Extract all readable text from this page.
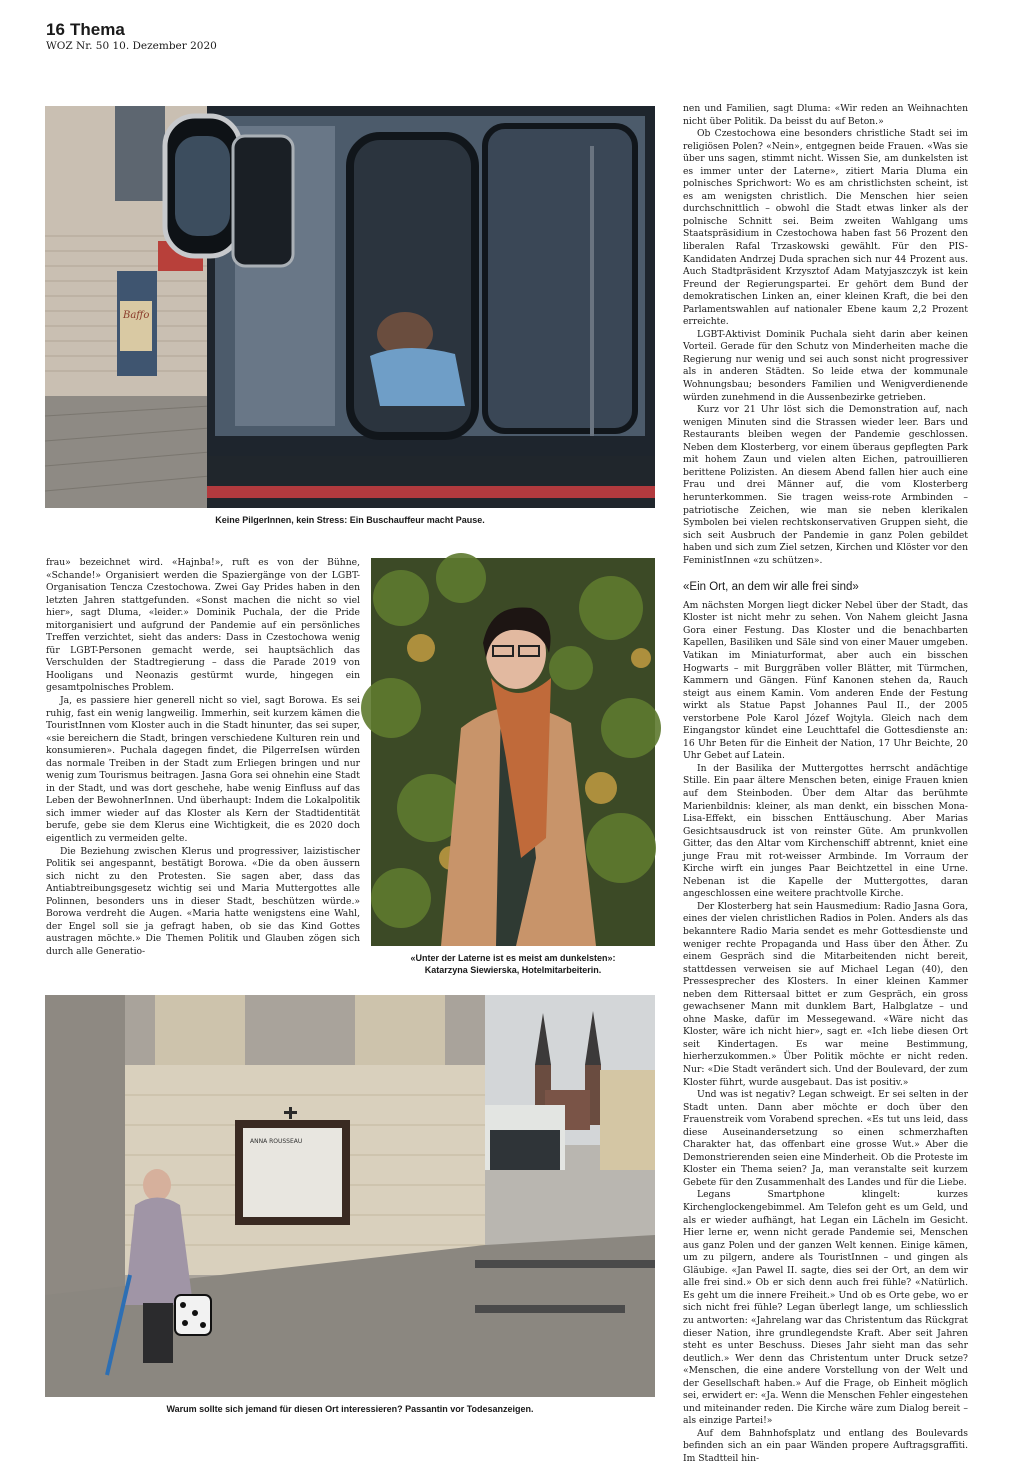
16 Thema
WOZ Nr. 50 10. Dezember 2020
Baffo
Keine PilgerInnen, kein Stress: Ein Buschauffeur macht Pause.
«Unter der Laterne ist es meist am dunkelsten»:
Katarzyna Siewierska, Hotelmitarbeiterin.
ANNA ROUSSEAU
Warum sollte sich jemand für diesen Ort interessieren? Passantin vor Todesanzeigen.

frau» bezeichnet wird. «Hajnba!», ruft es von der Bühne, «Schande!» Organisiert werden die Spaziergänge von der LGBT-Organisation Tencza Czestochowa. Zwei Gay Prides haben in den letzten Jahren stattgefunden. «Sonst machen die nicht so viel hier», sagt Dluma, «leider.» Dominik Puchala, der die Pride mitorganisiert und aufgrund der Pandemie auf ein persönliches Treffen verzichtet, sieht das anders: Dass in Czestochowa wenig für LGBT-Personen gemacht werde, sei hauptsächlich das Verschulden der Stadtregierung – dass die Parade 2019 von Hooligans und Neonazis gestürmt wurde, hingegen ein gesamtpolnisches Problem.

Ja, es passiere hier generell nicht so viel, sagt Borowa. Es sei ruhig, fast ein wenig langweilig. Immerhin, seit kurzem kämen die TouristInnen vom Kloster auch in die Stadt hinunter, das sei super, «sie bereichern die Stadt, bringen verschiedene Kulturen rein und konsumieren». Puchala dagegen findet, die PilgerreIsen würden das normale Treiben in der Stadt zum Erliegen bringen und nur wenig zum Tourismus beitragen. Jasna Gora sei ohnehin eine Stadt in der Stadt, und was dort geschehe, habe wenig Einfluss auf das Leben der BewohnerInnen. Und überhaupt: Indem die Lokalpolitik sich immer wieder auf das Kloster als Kern der Stadtidentität berufe, gebe sie dem Klerus eine Wichtigkeit, die es 2020 doch eigentlich zu vermeiden gelte.

Die Beziehung zwischen Klerus und progressiver, laizistischer Politik sei angespannt, bestätigt Borowa. «Die da oben äussern sich nicht zu den Protesten. Sie sagen aber, dass das Antiabtreibungsgesetz wichtig sei und Maria Muttergottes alle Polinnen, besonders uns in dieser Stadt, beschützen würde.» Borowa verdreht die Augen. «Maria hatte wenigstens eine Wahl, der Engel soll sie ja gefragt haben, ob sie das Kind Gottes austragen möchte.» Die Themen Politik und Glauben zögen sich durch alle Generatio-

nen und Familien, sagt Dluma: «Wir reden an Weihnachten nicht über Politik. Da beisst du auf Beton.»

Ob Czestochowa eine besonders christliche Stadt sei im religiösen Polen? «Nein», entgegnen beide Frauen. «Was sie über uns sagen, stimmt nicht. Wissen Sie, am dunkelsten ist es immer unter der Laterne», zitiert Maria Dluma ein polnisches Sprichwort: Wo es am christlichsten scheint, ist es am wenigsten christlich. Die Menschen hier seien durchschnittlich – obwohl die Stadt etwas linker als der polnische Schnitt sei. Beim zweiten Wahlgang ums Staatspräsidium in Czestochowa haben fast 56 Prozent den liberalen Rafal Trzaskowski gewählt. Für den PIS-Kandidaten Andrzej Duda sprachen sich nur 44 Prozent aus. Auch Stadtpräsident Krzysztof Adam Matyjaszczyk ist kein Freund der Regierungspartei. Er gehört dem Bund der demokratischen Linken an, einer kleinen Kraft, die bei den Parlamentswahlen auf nationaler Ebene kaum 2,2 Prozent erreichte.

LGBT-Aktivist Dominik Puchala sieht darin aber keinen Vorteil. Gerade für den Schutz von Minderheiten mache die Regierung nur wenig und sei auch sonst nicht progressiver als in anderen Städten. So leide etwa der kommunale Wohnungsbau; besonders Familien und Wenigverdienende würden zunehmend in die Aussenbezirke getrieben.

Kurz vor 21 Uhr löst sich die Demonstration auf, nach wenigen Minuten sind die Strassen wieder leer. Bars und Restaurants bleiben wegen der Pandemie geschlossen. Neben dem Klosterberg, vor einem überaus gepflegten Park mit hohem Zaun und vielen alten Eichen, patrouillieren berittene Polizisten. An diesem Abend fallen hier auch eine Frau und drei Männer auf, die vom Klosterberg herunterkommen. Sie tragen weiss-rote Armbinden – patriotische Zeichen, wie man sie neben klerikalen Symbolen bei vielen rechtskonservativen Gruppen sieht, die sich seit Ausbruch der Pandemie in ganz Polen gebildet haben und sich zum Ziel setzen, Kirchen und Klöster vor den FeministInnen «zu schützen».

«Ein Ort, an dem wir alle frei sind»

Am nächsten Morgen liegt dicker Nebel über der Stadt, das Kloster ist nicht mehr zu sehen. Von Nahem gleicht Jasna Gora einer Festung. Das Kloster und die benachbarten Kapellen, Basiliken und Säle sind von einer Mauer umgeben. Vatikan im Miniaturformat, aber auch ein bisschen Hogwarts – mit Burggräben voller Blätter, mit Türmchen, Kammern und Gängen. Fünf Kanonen stehen da, Rauch steigt aus einem Kamin. Vom anderen Ende der Festung wirkt als Statue Papst Johannes Paul II., der 2005 verstorbene Pole Karol Józef Wojtyla. Gleich nach dem Eingangstor kündet eine Leuchttafel die Gottesdienste an: 16 Uhr Beten für die Einheit der Nation, 17 Uhr Beichte, 20 Uhr Gebet auf Latein.

In der Basilika der Muttergottes herrscht andächtige Stille. Ein paar ältere Menschen beten, einige Frauen knien auf dem Steinboden. Über dem Altar das berühmte Marienbildnis: kleiner, als man denkt, ein bisschen Mona-Lisa-Effekt, ein bisschen Enttäuschung. Aber Marias Gesichtsausdruck ist von reinster Güte. Am prunkvollen Gitter, das den Altar vom Kirchenschiff abtrennt, kniet eine junge Frau mit rot-weisser Armbinde. Im Vorraum der Kirche wirft ein junges Paar Beichtzettel in eine Urne. Nebenan ist die Kapelle der Muttergottes, daran angeschlossen eine weitere prachtvolle Kirche.

Der Klosterberg hat sein Hausmedium: Radio Jasna Gora, eines der vielen christlichen Radios in Polen. Anders als das bekanntere Radio Maria sendet es mehr Gottesdienste und weniger rechte Propaganda und Hass über den Äther. Zu einem Gespräch sind die Mitarbeitenden nicht bereit, stattdessen verweisen sie auf Michael Legan (40), den Pressesprecher des Klosters. In einer kleinen Kammer neben dem Rittersaal bittet er zum Gespräch, ein gross gewachsener Mann mit dunklem Bart, Halbglatze – und ohne Maske, dafür im Messegewand. «Wäre nicht das Kloster, wäre ich nicht hier», sagt er. «Ich liebe diesen Ort seit Kindertagen. Es war meine Bestimmung, hierherzukommen.» Über Politik möchte er nicht reden. Nur: «Die Stadt verändert sich. Und der Boulevard, der zum Kloster führt, wurde ausgebaut. Das ist positiv.»

Und was ist negativ? Legan schweigt. Er sei selten in der Stadt unten. Dann aber möchte er doch über den Frauenstreik vom Vorabend sprechen. «Es tut uns leid, dass diese Auseinandersetzung so einen schmerzhaften Charakter hat, das offenbart eine grosse Wut.» Aber die Demonstrierenden seien eine Minderheit. Ob die Proteste im Kloster ein Thema seien? Ja, man veranstalte seit kurzem Gebete für den Zusammenhalt des Landes und für die Liebe.

Legans Smartphone klingelt: kurzes Kirchenglockengebimmel. Am Telefon geht es um Geld, und als er wieder aufhängt, hat Legan ein Lächeln im Gesicht. Hier lerne er, wenn nicht gerade Pandemie sei, Menschen aus ganz Polen und der ganzen Welt kennen. Einige kämen, um zu pilgern, andere als TouristInnen – und gingen als Gläubige. «Jan Pawel II. sagte, dies sei der Ort, an dem wir alle frei sind.» Ob er sich denn auch frei fühle? «Natürlich. Es geht um die innere Freiheit.» Und ob es Orte gebe, wo er sich nicht frei fühle? Legan überlegt lange, um schliesslich zu antworten: «Jahrelang war das Christentum das Rückgrat dieser Nation, ihre grundlegendste Kraft. Aber seit Jahren steht es unter Beschuss. Dieses Jahr sieht man das sehr deutlich.» Wer denn das Christentum unter Druck setze? «Menschen, die eine andere Vorstellung von der Welt und der Gesellschaft haben.» Auf die Frage, ob Einheit möglich sei, erwidert er: «Ja. Wenn die Menschen Fehler eingestehen und miteinander reden. Die Kirche wäre zum Dialog bereit – als einzige Partei!»

Auf dem Bahnhofsplatz und entlang des Boulevards befinden sich an ein paar Wänden propere Auftragsgraffiti. Im Stadtteil hin-
